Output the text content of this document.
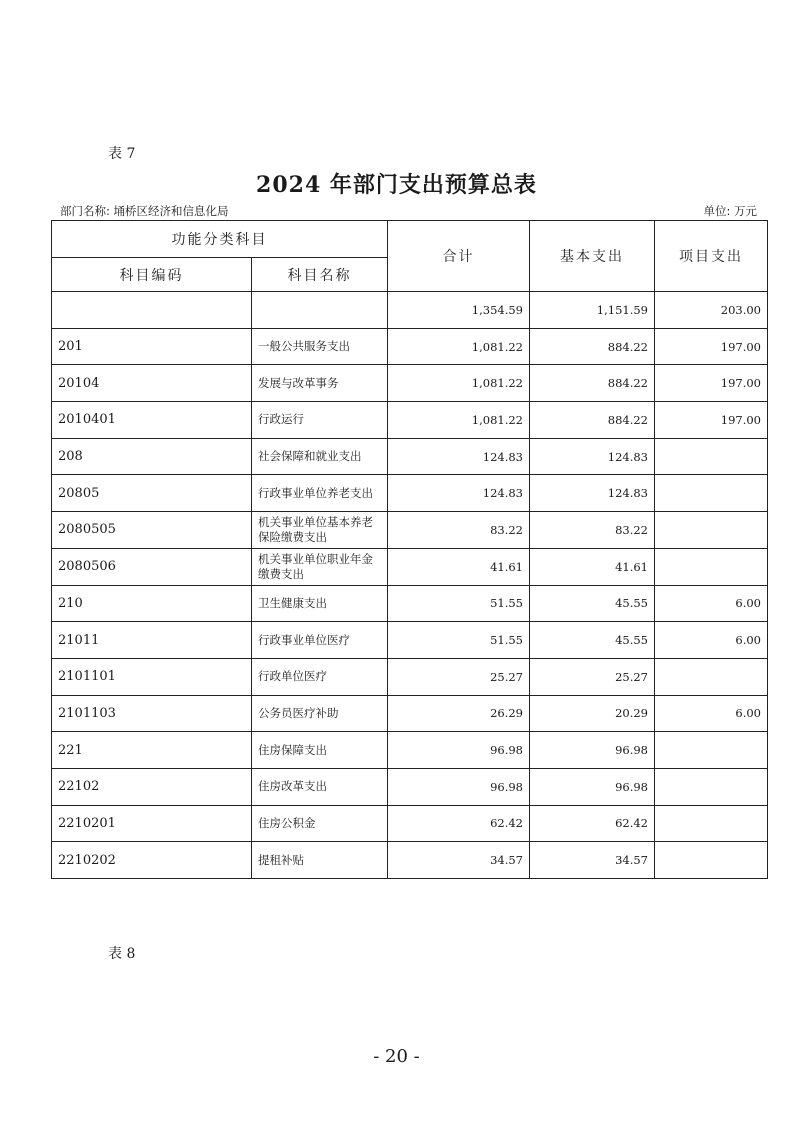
表 7
2024 年部门支出预算总表
部门名称: 埇桥区经济和信息化局	单位: 万元
功能分类科目		合计	基本支出	项目支出
科目编码	科目名称			
		1,354.59	1,151.59	203.00
201	一般公共服务支出	1,081.22	884.22	197.00
20104	发展与改革事务	1,081.22	884.22	197.00
2010401	行政运行	1,081.22	884.22	197.00
208	社会保障和就业支出	124.83	124.83	
20805	行政事业单位养老支出	124.83	124.83	
2080505	机关事业单位基本养老保险缴费支出	83.22	83.22	
2080506	机关事业单位职业年金缴费支出	41.61	41.61	
210	卫生健康支出	51.55	45.55	6.00
21011	行政事业单位医疗	51.55	45.55	6.00
2101101	行政单位医疗	25.27	25.27	
2101103	公务员医疗补助	26.29	20.29	6.00
221	住房保障支出	96.98	96.98	
22102	住房改革支出	96.98	96.98	
2210201	住房公积金	62.42	62.42	
2210202	提租补贴	34.57	34.57	
表 8
- 20 -
